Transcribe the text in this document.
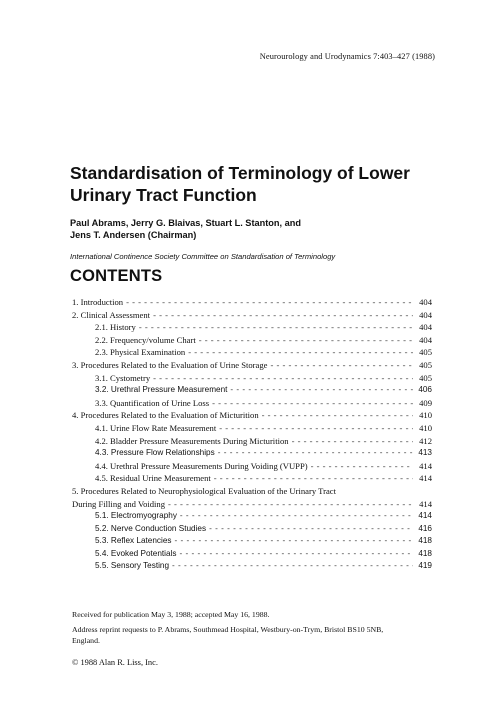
Neurourology and Urodynamics 7:403–427 (1988)
Standardisation of Terminology of Lower
Urinary Tract Function
Paul Abrams, Jerry G. Blaivas, Stuart L. Stanton, and
Jens T. Andersen (Chairman)
International Continence Society Committee on Standardisation of Terminology
CONTENTS
1. Introduction - - -	404
2. Clinical Assessment - - -	404
2.1. History - - -	404
2.2. Frequency/volume Chart - - -	404
2.3. Physical Examination - - -	405
3. Procedures Related to the Evaluation of Urine Storage - - -	405
3.1. Cystometry - - -	405
3.2. Urethral Pressure Measurement - - -	406
3.3. Quantification of Urine Loss - - -	409
4. Procedures Related to the Evaluation of Micturition - - -	410
4.1. Urine Flow Rate Measurement - - -	410
4.2. Bladder Pressure Measurements During Micturition - - -	412
4.3. Pressure Flow Relationships - - -	413
4.4. Urethral Pressure Measurements During Voiding (VUPP) - - -	414
4.5. Residual Urine Measurement - - -	414
5. Procedures Related to Neurophysiological Evaluation of the Urinary Tract
During Filling and Voiding - - -	414
5.1. Electromyography - - -	414
5.2. Nerve Conduction Studies - - -	416
5.3. Reflex Latencies - - -	418
5.4. Evoked Potentials - - -	418
5.5. Sensory Testing - - -	419
Received for publication May 3, 1988; accepted May 16, 1988.
Address reprint requests to P. Abrams, Southmead Hospital, Westbury-on-Trym, Bristol BS10 5NB,
England.
© 1988 Alan R. Liss, Inc.
